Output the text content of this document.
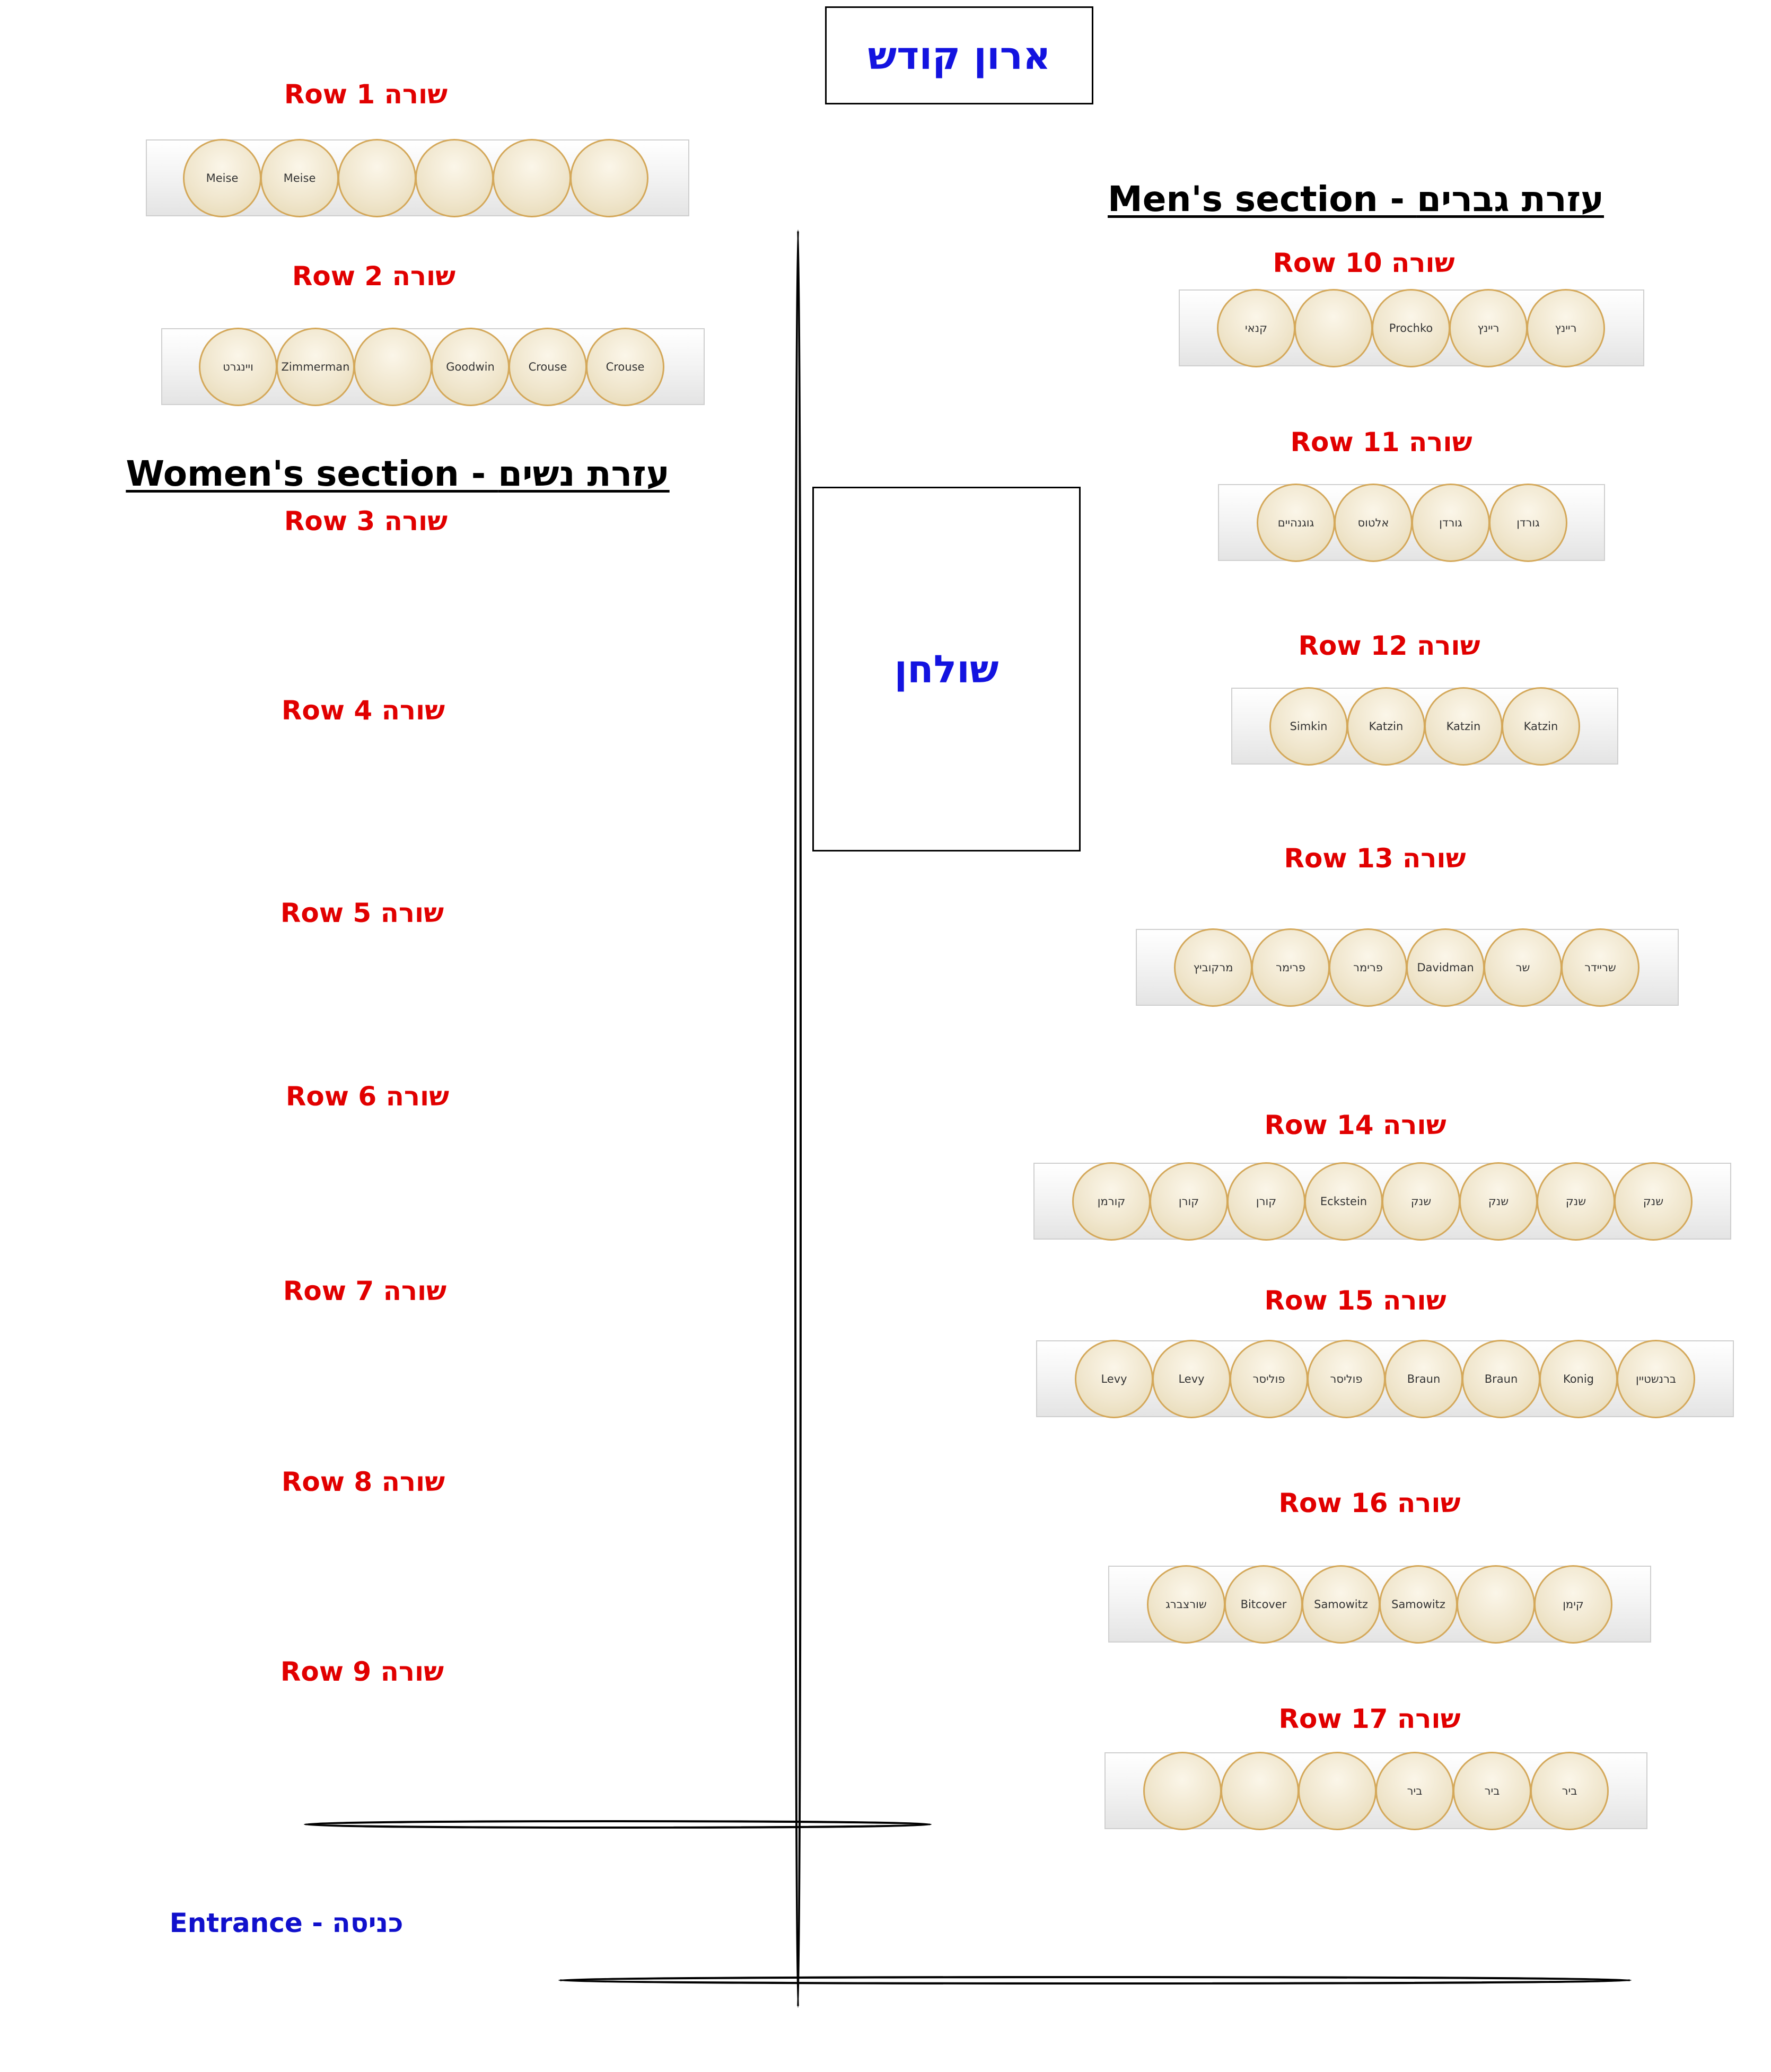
ארון קודש
שולחן
Men's section - עזרת גברים
Women's section - עזרת נשים
Entrance - כניסה
Row 1 שורה
Meise	Meise
Row 2 שורה
ויינגרט	Zimmerman	Goodwin	Crouse	Crouse
Row 3 שורה
Row 4 שורה
Row 5 שורה
Row 6 שורה
Row 7 שורה
Row 8 שורה
Row 9 שורה
Row 10 שורה
קנאי	Prochko	ריינץ	ריינץ
Row 11 שורה
גוגנהיים	אלטוס	גורדן	גורדן
Row 12 שורה
Simkin	Katzin	Katzin	Katzin
Row 13 שורה
מרקוביץ	פרימר	פרימר	Davidman	שר	שריידר
Row 14 שורה
קורמן	קורן	קורן	Eckstein	שנק	שנק	שנק	שנק
Row 15 שורה
Levy	Levy	פוליסר	פוליסר	Braun	Braun	Konig	ברנשטיין
Row 16 שורה
שורצברג	Bitcover	Samowitz	Samowitz	קימן
Row 17 שורה
ביר	ביר	ביר
